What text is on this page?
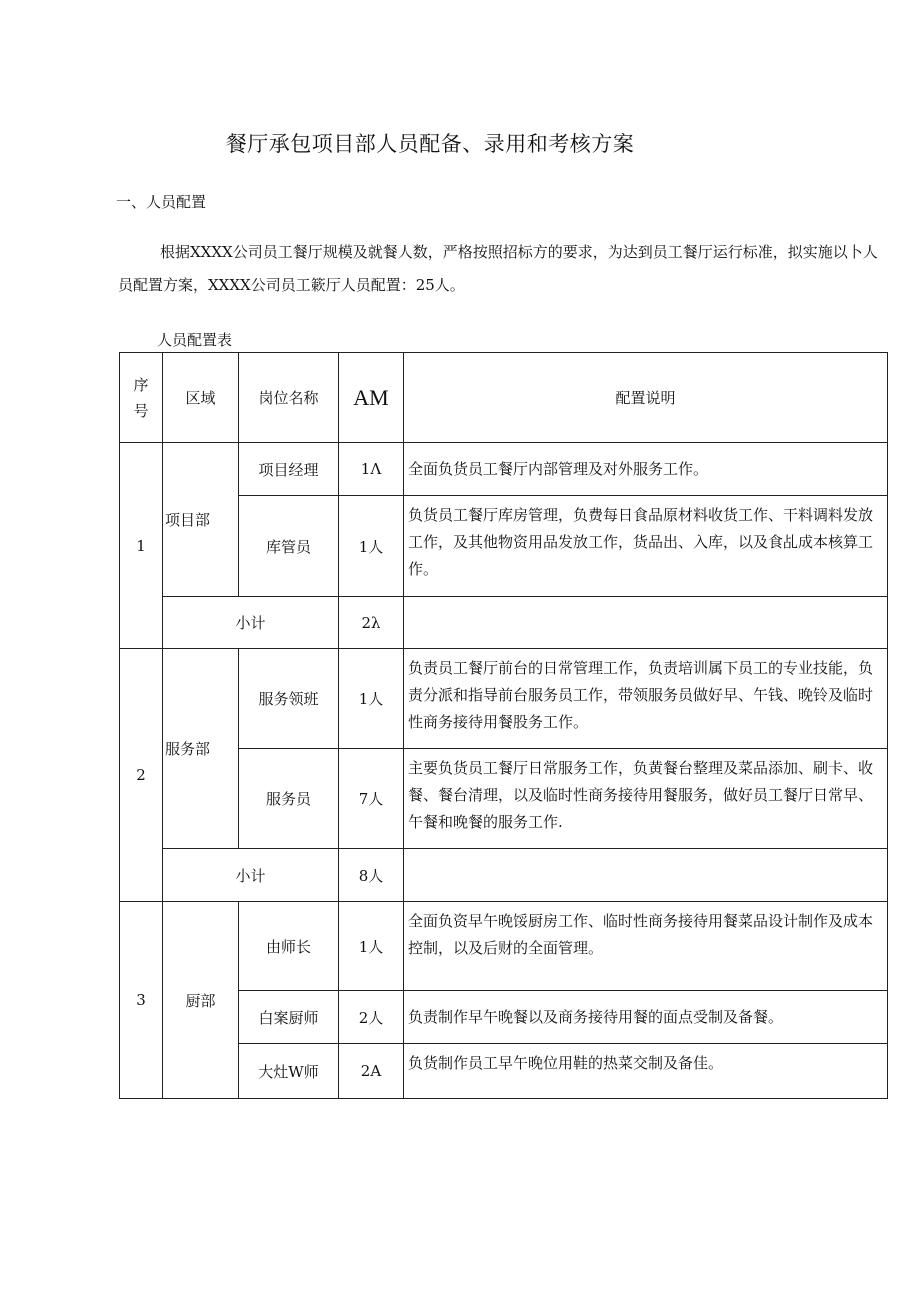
餐厅承包项目部人员配备、录用和考核方案
一、人员配置
根据XXXX公司员工餐厅规模及就餐人数，严格按照招标方的要求，为达到员工餐厅运行标准，拟实施以卜人员配置方案，XXXX公司员工簌厅人员配置：25人。
人员配置表
序
号	区域	岗位名称	AM	配置说明
1	项目部	项目经理	1Λ	全面负货员工餐厅内部管理及对外服务工作。
		库管员	1人	负货员工餐厅库房管理，负费每日食品原材料收货工作、干料调料发放工作，及其他物资用品发放工作，货品出、入库，以及食乩成本核算工作。
	小计		2λ	
2	服务部	服务领班	1人	负责员工餐厅前台的日常管理工作，负责培训属下员工的专业技能，负责分派和指导前台服务员工作，带领服务员做好早、午钱、晚铃及临时性商务接待用餐股务工作。
		服务员	7人	主要负货员工餐厅日常服务工作，负黄餐台整理及菜品添加、刷卡、收餐、餐台清理，以及临时性商务接待用餐服务，做好员工餐厅日常早、午餐和晚餐的服务工作.
	小计		8人	
3	厨部	由师长	1人	全面负资早午晚馁厨房工作、临时性商务接待用餐菜品设计制作及成本控制，以及后财的全面管理。
		白案厨师	2人	负责制作早午晚餐以及商务接待用餐的面点受制及备餐。
		大灶W师	2A	负货制作员工早午晚位用鞋的热菜交制及备佳。
